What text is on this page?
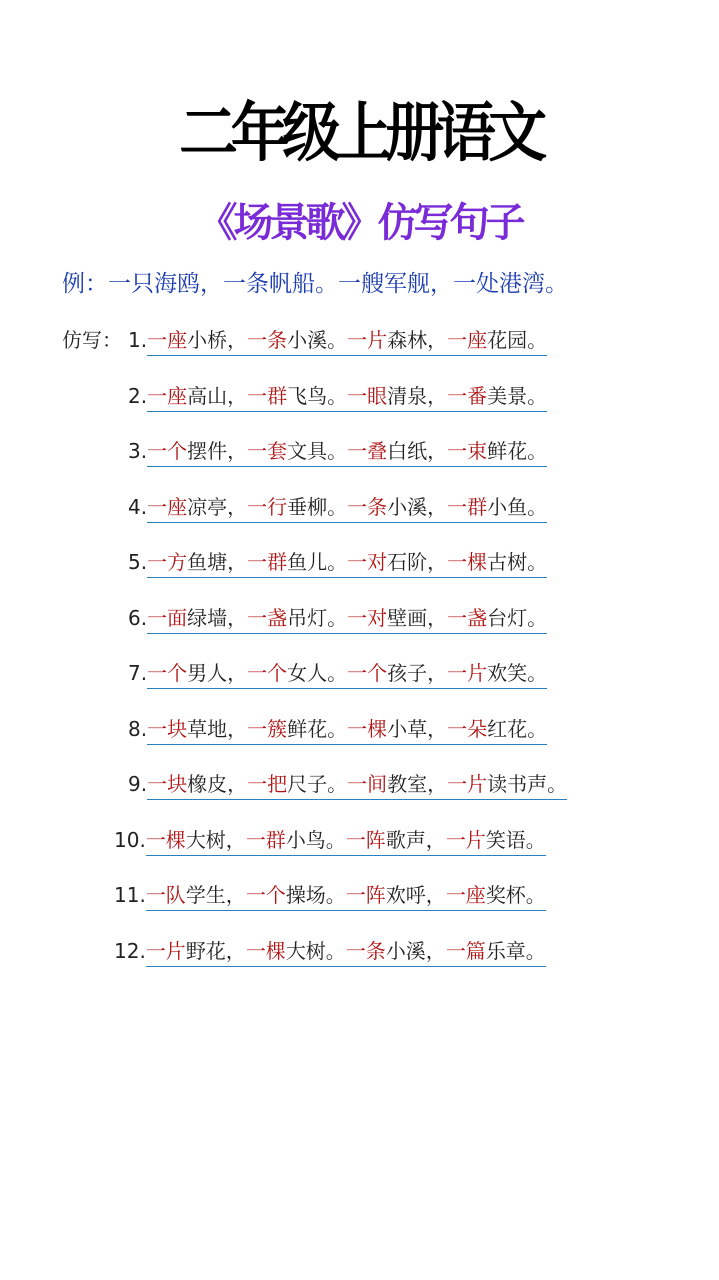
二年级上册语文
《场景歌》仿写句子
例：一只海鸥，一条帆船。一艘军舰，一处港湾。
仿写： 1.一座小桥，一条小溪。一片森林，一座花园。
2.一座高山，一群飞鸟。一眼清泉，一番美景。
3.一个摆件，一套文具。一叠白纸，一束鲜花。
4.一座凉亭，一行垂柳。一条小溪，一群小鱼。
5.一方鱼塘，一群鱼儿。一对石阶，一棵古树。
6.一面绿墙，一盏吊灯。一对壁画，一盏台灯。
7.一个男人，一个女人。一个孩子，一片欢笑。
8.一块草地，一簇鲜花。一棵小草，一朵红花。
9.一块橡皮，一把尺子。一间教室，一片读书声。
10.一棵大树，一群小鸟。一阵歌声，一片笑语。
11.一队学生，一个操场。一阵欢呼，一座奖杯。
12.一片野花，一棵大树。一条小溪，一篇乐章。
